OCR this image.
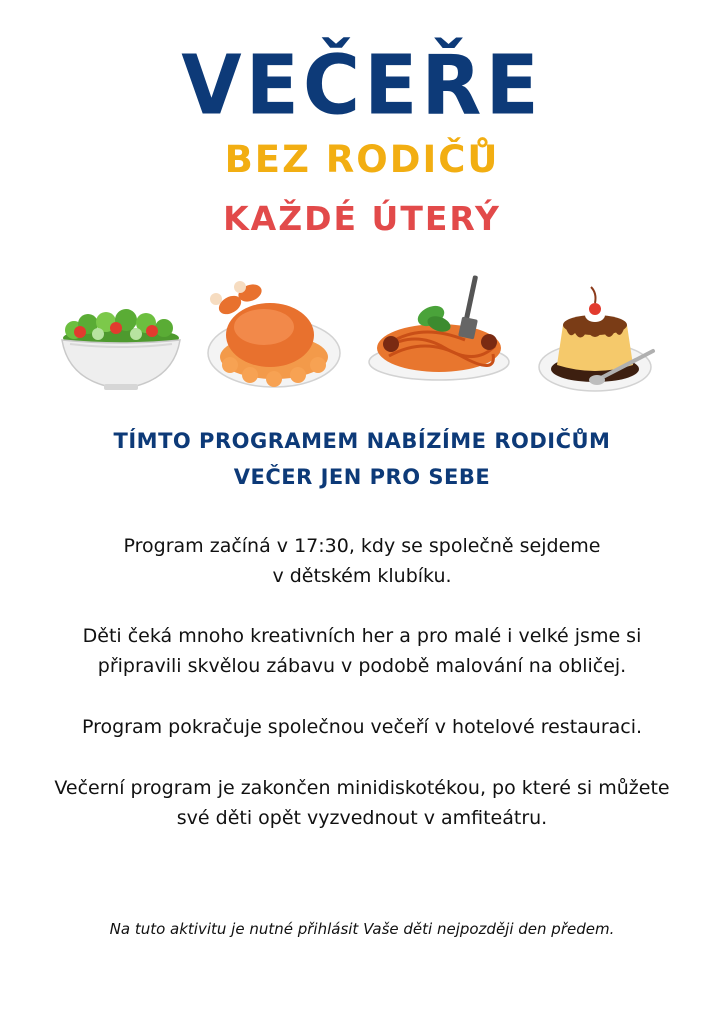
VEČEŘE
BEZ RODIČŮ
KAŽDÉ ÚTERÝ
TÍMTO PROGRAMEM NABÍZÍME RODIČŮM
VEČER JEN PRO SEBE
Program začíná v 17:30, kdy se společně sejdeme
v dětském klubíku.
Děti čeká mnoho kreativních her a pro malé i velké jsme si
připravili skvělou zábavu v podobě malování na obličej.
Program pokračuje společnou večeří v hotelové restauraci.
Večerní program je zakončen minidiskotékou, po které si můžete
své děti opět vyzvednout v amfiteátru.
Na tuto aktivitu je nutné přihlásit Vaše děti nejpozději den předem.
